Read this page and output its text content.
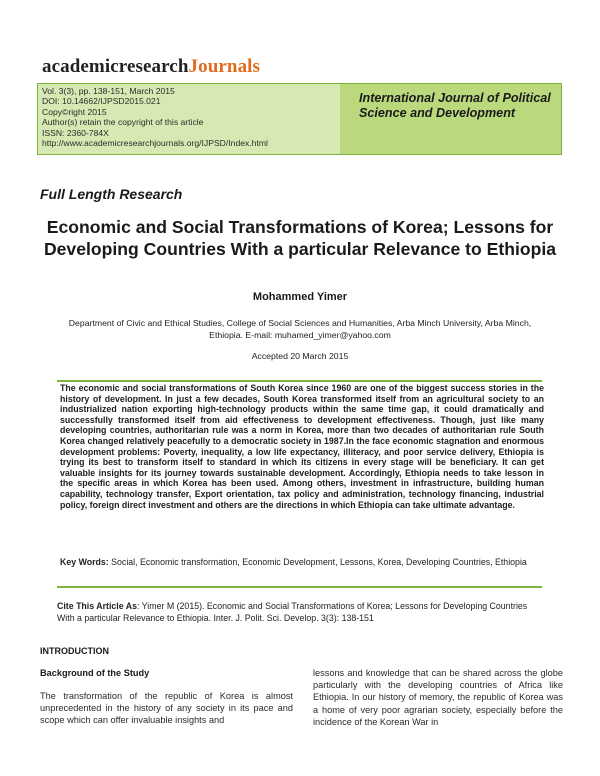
academicresearchJournals
Vol. 3(3), pp. 138-151, March 2015
DOI: 10.14662/IJPSD2015.021
Copy©right 2015
Author(s) retain the copyright of this article
ISSN: 2360-784X
http://www.academicresearchjournals.org/IJPSD/Index.html
International Journal of Political Science and Development
Full Length Research
Economic and Social Transformations of Korea; Lessons for Developing Countries With a particular Relevance to Ethiopia
Mohammed Yimer
Department of Civic and Ethical Studies, College of Social Sciences and Humanities, Arba Minch University, Arba Minch, Ethiopia. E-mail: muhamed_yimer@yahoo.com
Accepted 20 March 2015
The economic and social transformations of South Korea since 1960 are one of the biggest success stories in the history of development. In just a few decades, South Korea transformed itself from an agricultural society to an industrialized nation exporting high-technology products within the same time gap, it could dramatically and successfully transformed itself from aid effectiveness to development effectiveness. Though, just like many developing countries, authoritarian rule was a norm in Korea, more than two decades of authoritarian rule South Korea changed relatively peacefully to a democratic society in 1987.In the face economic stagnation and enormous development problems: Poverty, inequality, a low life expectancy, illiteracy, and poor service delivery, Ethiopia is trying its best to transform itself to standard in which its citizens in every stage will be beneficiary. It can get valuable insights for its journey towards sustainable development. Accordingly, Ethiopia needs to take lesson in the specific areas in which Korea has been used. Among others, investment in infrastructure, building human capability, technology transfer, Export orientation, tax policy and administration, technology financing, industrial policy, foreign direct investment and others are the directions in which Ethiopia can take ultimate advantage.
Key Words: Social, Economic transformation, Economic Development, Lessons, Korea, Developing Countries, Ethiopia
Cite This Article As: Yimer M (2015). Economic and Social Transformations of Korea; Lessons for Developing Countries With a particular Relevance to Ethiopia. Inter. J. Polit. Sci. Develop. 3(3): 138-151
INTRODUCTION
Background of the Study
The transformation of the republic of Korea is almost unprecedented in the history of any society in its pace and scope which can offer invaluable insights and
lessons and knowledge that can be shared across the globe particularly with the developing countries of Africa like Ethiopia. In our history of memory, the republic of Korea was a home of very poor agrarian society, especially before the incidence of the Korean War in
